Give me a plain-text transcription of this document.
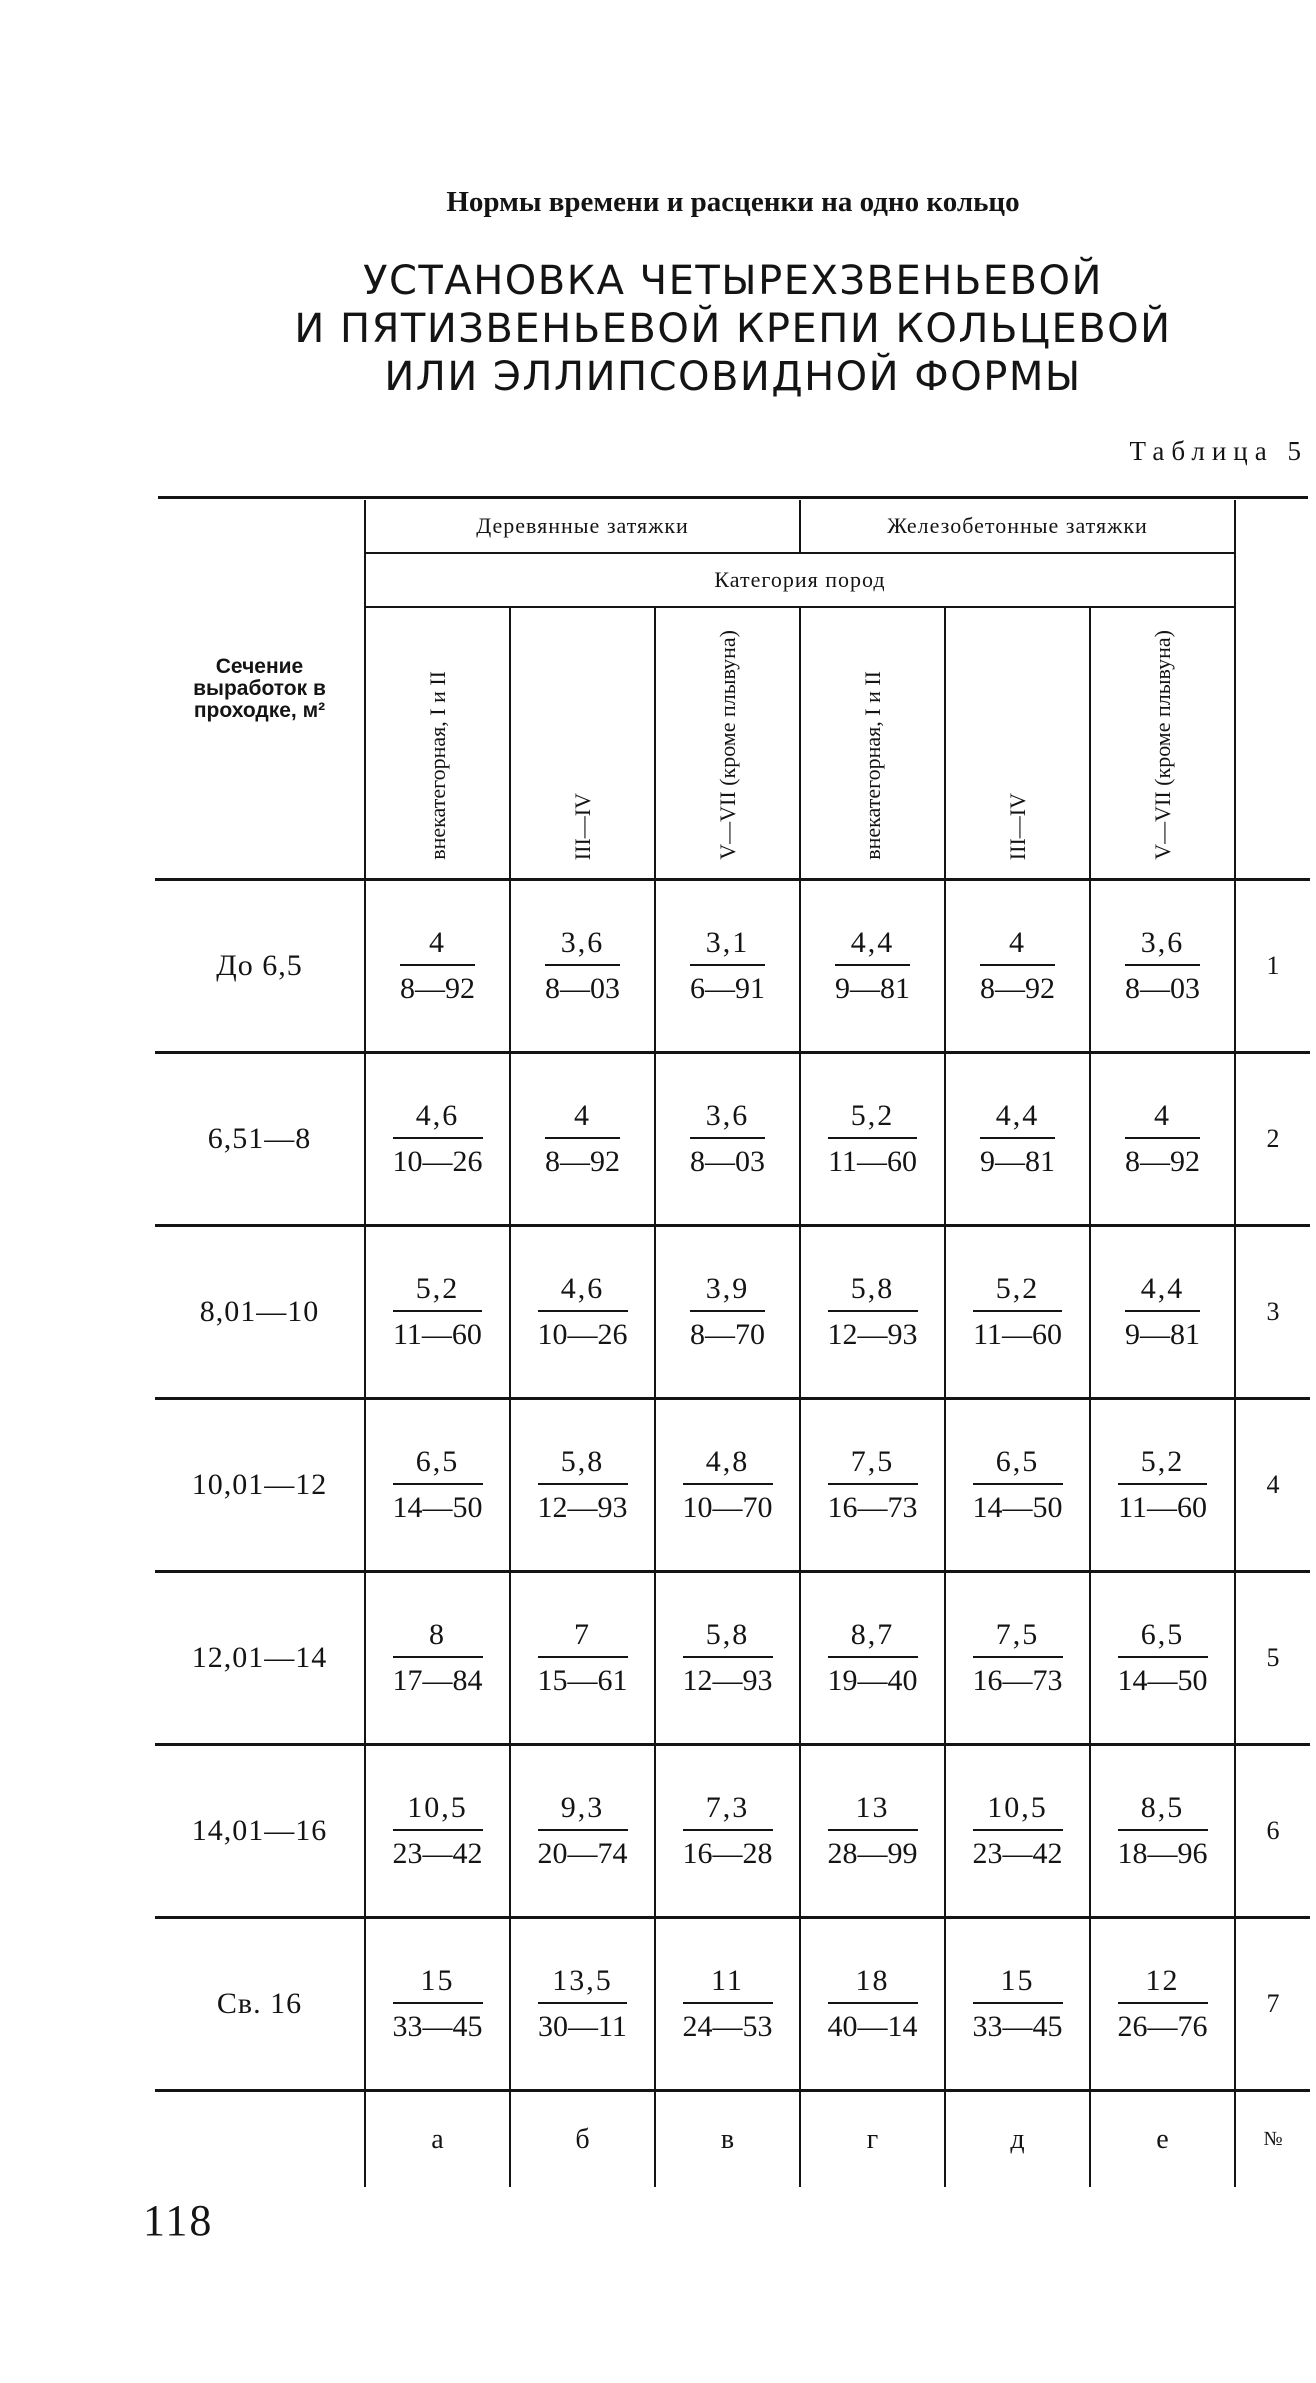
Нормы времени и расценки на одно кольцо
УСТАНОВКА ЧЕТЫРЕХЗВЕНЬЕВОЙ
И ПЯТИЗВЕНЬЕВОЙ КРЕПИ КОЛЬЦЕВОЙ
ИЛИ ЭЛЛИПСОВИДНОЙ ФОРМЫ
Таблица 5
Сечение выработок в проходке, м²	Деревянные затяжки			Железобетонные затяжки			
	Категория пород						

	внекатегорная, I и II	III—IV	V—VII (кроме плывуна)	внекатегорная, I и II	III—IV	V—VII (кроме плывуна)	

До 6,5	$\frac{4}{8—92}$	$\frac{3,6}{8—03}$	$\frac{3,1}{6—91}$	$\frac{4,4}{9—81}$	$\frac{4}{8—92}$	$\frac{3,6}{8—03}$	1
6,51—8	$\frac{4,6}{10—26}$	$\frac{4}{8—92}$	$\frac{3,6}{8—03}$	$\frac{5,2}{11—60}$	$\frac{4,4}{9—81}$	$\frac{4}{8—92}$	2
8,01—10	$\frac{5,2}{11—60}$	$\frac{4,6}{10—26}$	$\frac{3,9}{8—70}$	$\frac{5,8}{12—93}$	$\frac{5,2}{11—60}$	$\frac{4,4}{9—81}$	3
10,01—12	$\frac{6,5}{14—50}$	$\frac{5,8}{12—93}$	$\frac{4,8}{10—70}$	$\frac{7,5}{16—73}$	$\frac{6,5}{14—50}$	$\frac{5,2}{11—60}$	4
12,01—14	$\frac{8}{17—84}$	$\frac{7}{15—61}$	$\frac{5,8}{12—93}$	$\frac{8,7}{19—40}$	$\frac{7,5}{16—73}$	$\frac{6,5}{14—50}$	5
14,01—16	$\frac{10,5}{23—42}$	$\frac{9,3}{20—74}$	$\frac{7,3}{16—28}$	$\frac{13}{28—99}$	$\frac{10,5}{23—42}$	$\frac{8,5}{18—96}$	6
Св. 16	$\frac{15}{33—45}$	$\frac{13,5}{30—11}$	$\frac{11}{24—53}$	$\frac{18}{40—14}$	$\frac{15}{33—45}$	$\frac{12}{26—76}$	7
	а	б	в	г	д	е	№
118
